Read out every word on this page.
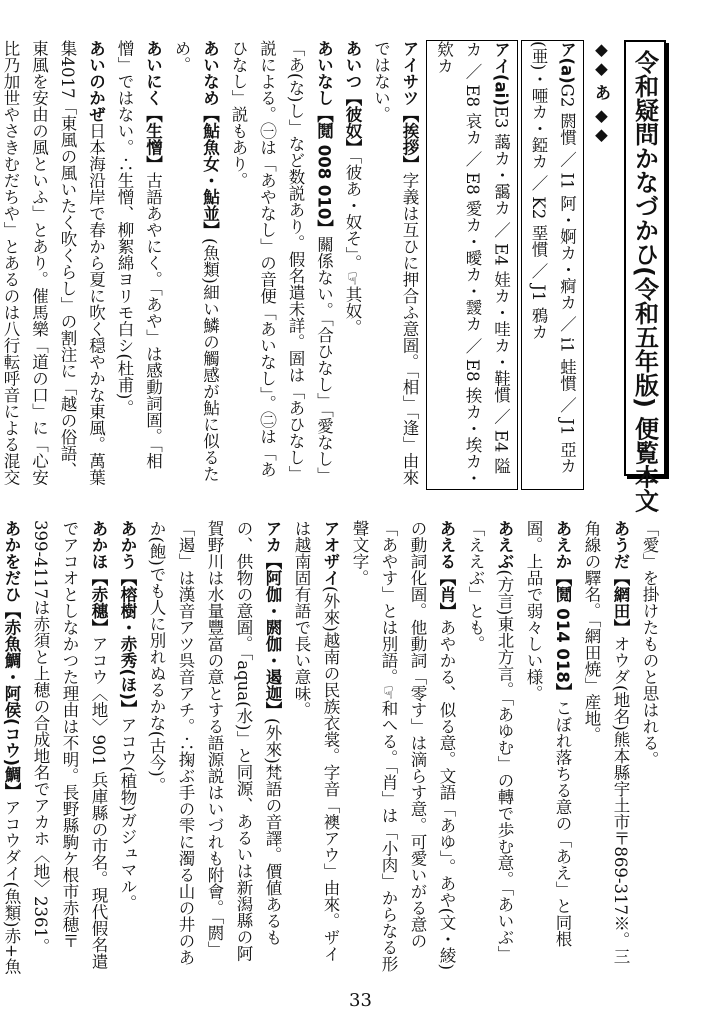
令和疑問かなづかひ(令和五年版) 便覧本文
◆◆ あ ◆◆
ア(a)G2 閼慣 ／ I1 阿・婀カ・痾カ ／ i1 蛙慣 ／ J1 亞カ(亜)・唖カ・錏カ ／ K2 堊慣 ／ J1 鴉カ
アイ(ai)E3 藹カ・靄カ ／ E4 娃カ・哇カ・鞋慣 ／ E4 隘カ ／ E8 哀カ ／ E8 愛カ・曖カ・靉カ ／ E8 挨カ・埃カ・欸カ
アイサツ【挨拶】字義は互ひに押合ふ意圄。「相」「逢」由來ではない。
あいつ【彼奴】「彼あ・奴そ」。☞其奴。
あいなし【鬩 008 010】關係ない。「合ひなし」「愛なし」「あ(な)し」など数説あり。假名遣未詳。圄は「あひなし」説による。㊀は「あやなし」の音便「あいなし」。㊁は「あひなし」説もあり。
あいなめ【鮎魚女・鮎並】(魚類)細い鱗の觸感が鮎に似るため。
あいにく【生憎】古語あやにく。「あや」は感動詞圄。「相憎」ではない。∴生憎、柳絮綿ヨリモ白シ(杜甫)。
あいのかぜ日本海沿岸で春から夏に吹く穏やかな東風。萬葉集4017「東風の風いたく吹くらし」の割注に「越の俗語、東風を安由の風といふ」とあり。催馬樂「道の口」に「心安比乃加世やさきむだちや」とあるのは八行転呼音による混交
「愛」を掛けたものと思はれる。
あうだ【網田】オウダ(地名)熊本縣宇土市〒869-317※。三角線の驛名。「網田焼」産地。
あえか【鬩 014 018】こぼれ落ちる意の「あえ」と同根圄。上品で弱々しい様。
あえぶ(方言)東北方言。「あゆむ」の轉で歩む意。「あいぶ」「ええぶ」とも。
あえる【肖】あやかる、似る意。文語「あゆ」。あや(文・綾)の動詞化圄。他動詞「零す」は滴らす意。可愛いがる意の「あやす」とは別語。☞和へる。「肖」は「小肉」からなる形聲文字。
アオザイ(外來)越南の民族衣裳。字音「襖アウ」由來。ザイは越南固有語で長い意味。
アカ【阿伽・閼伽・遏迦】(外來)梵語の音譯。價値あるもの、供物の意圄。「aqua(水)」と同源、あるいは新潟縣の阿賀野川は水量豐富の意とする語源説はいづれも附會。「閼」「遏」は漢音アツ呉音アチ。∴掬ぶ手の雫に濁る山の井のあか(飽)でも人に別れぬるかな(古今)。
あかう【榕樹・赤秀(ほ)】アコウ(植物)ガジュマル。
あかほ【赤穗】アコウ〈地〉901 兵庫縣の市名。現代假名遣でアコオとしなかつた理由は不明。長野縣駒ケ根市赤穂〒399-4117は赤須と上穂の合成地名でアカホ〈地〉2361。
あかをだひ【赤魚鯛・阿侯(コウ)鯛】アコウダイ(魚類)赤+魚
33
